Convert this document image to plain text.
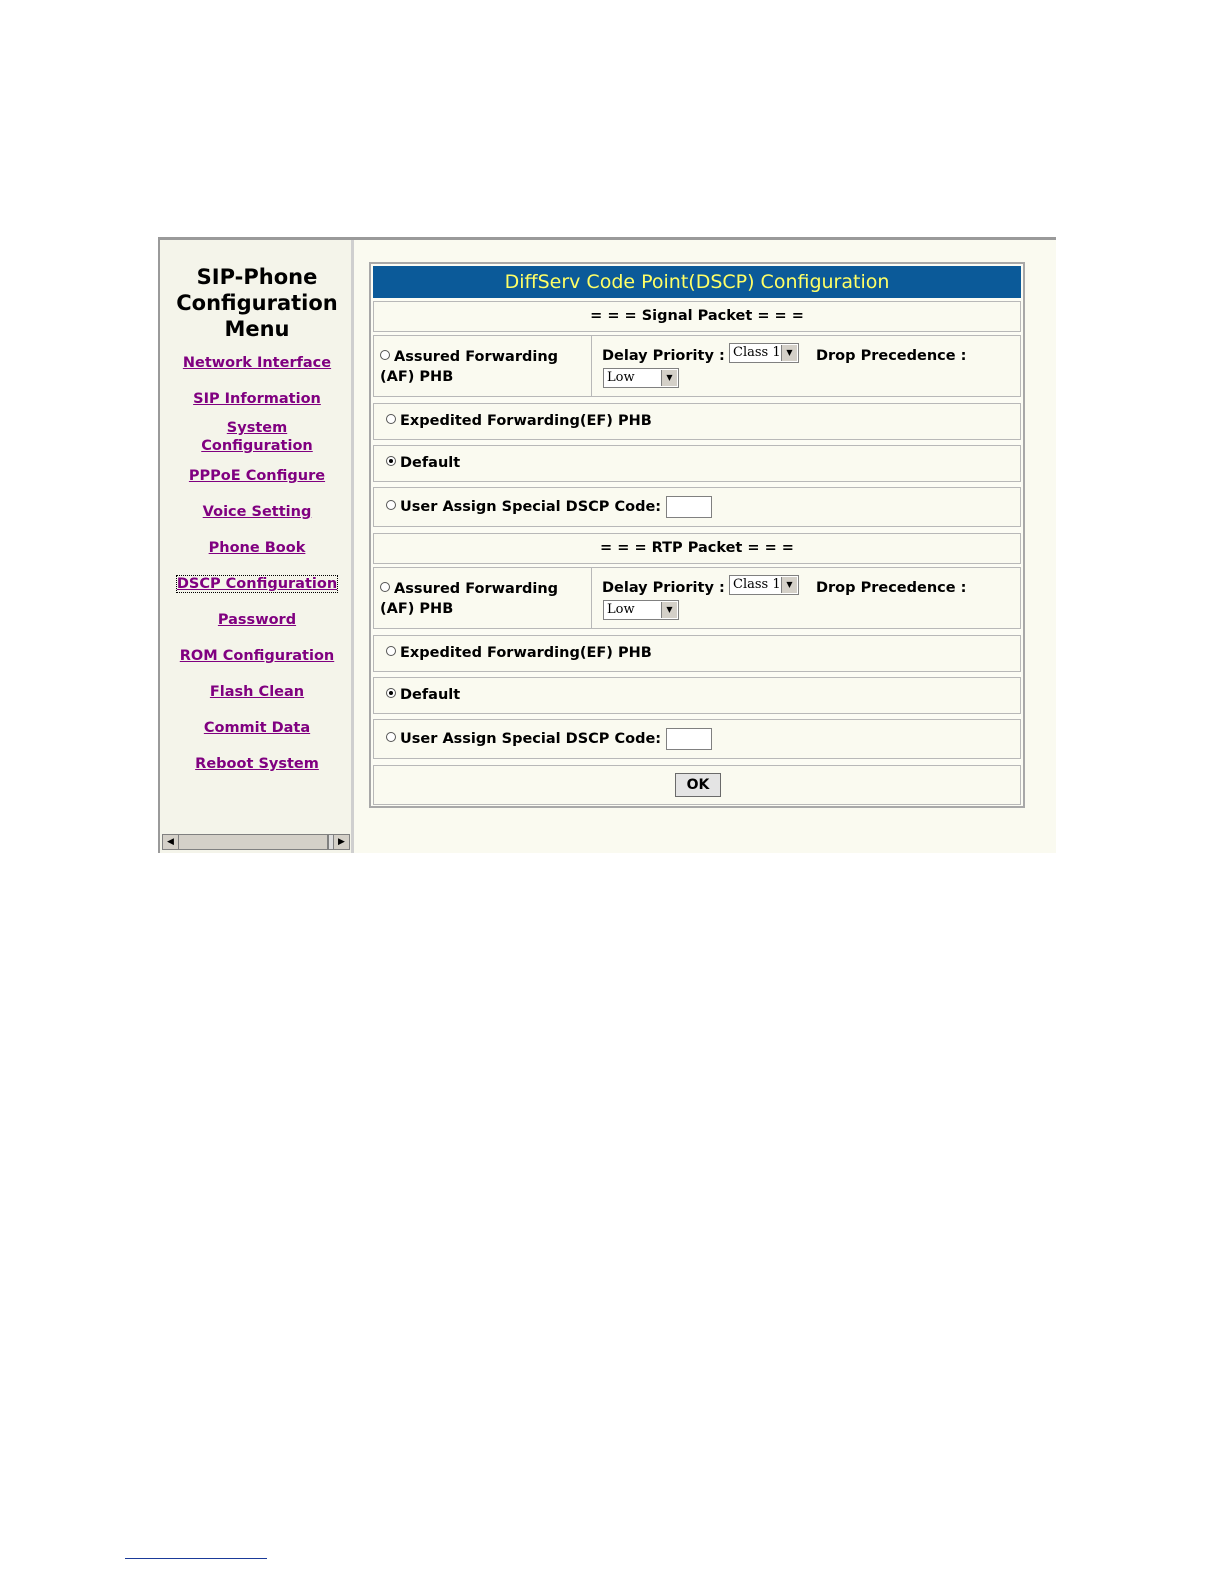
SIP-Phone
Configuration
Menu
Network Interface
SIP Information
System
Configuration
PPPoE Configure
Voice Setting
Phone Book
DSCP Configuration
Password
ROM Configuration
Flash Clean
Commit Data
Reboot System
◀	▶
DiffServ Code Point(DSCP) Configuration
= = = Signal Packet = = =
Assured Forwarding (AF) PHB
Delay Priority : Class 1 ▼	Drop Precedence :
Low	▼
Expedited Forwarding(EF) PHB
Default
User Assign Special DSCP Code:
= = = RTP Packet = = =
Assured Forwarding (AF) PHB
Delay Priority : Class 1 ▼	Drop Precedence :
Low	▼
Expedited Forwarding(EF) PHB
Default
User Assign Special DSCP Code:
OK
